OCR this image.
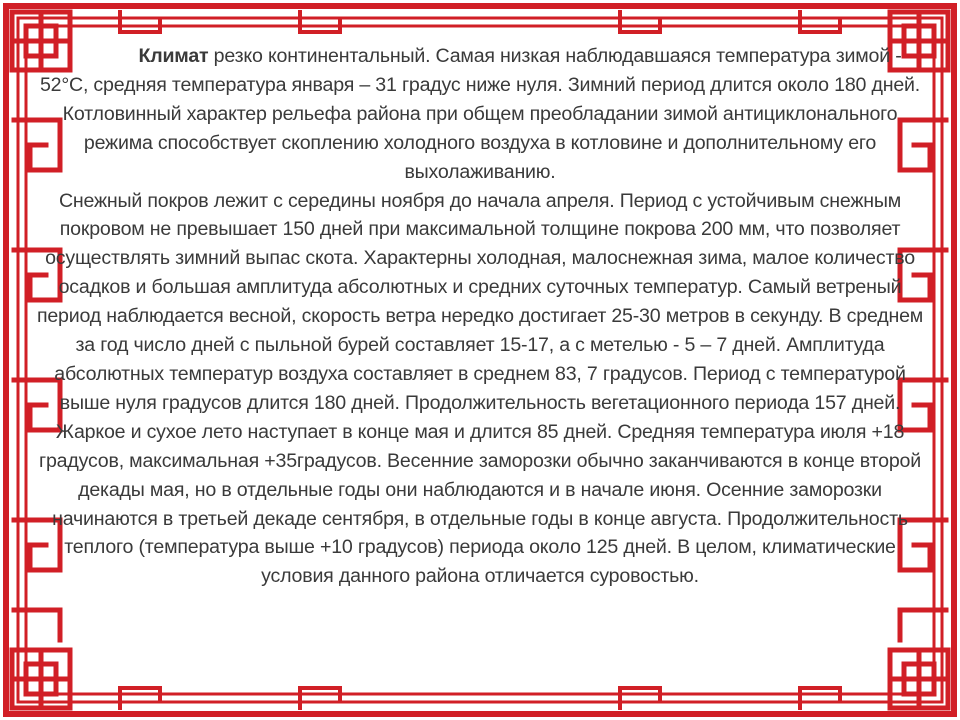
Климат резко континентальный. Самая низкая наблюдавшаяся температура зимой - 52°С, средняя температура января – 31 градус ниже нуля. Зимний период длится около 180 дней. Котловинный характер рельефа района при общем преобладании зимой антициклонального режима способствует скоплению холодного воздуха в котловине и дополнительному его выхолаживанию.

Снежный покров лежит с середины ноября до начала апреля. Период с устойчивым снежным покровом не превышает 150 дней при максимальной толщине покрова 200 мм, что позволяет осуществлять зимний выпас скота. Характерны холодная, малоснежная зима, малое количество осадков и большая амплитуда абсолютных и средних суточных температур. Самый ветреный период наблюдается весной, скорость ветра нередко достигает 25-30 метров в секунду. В среднем за год число дней с пыльной бурей составляет 15-17, а с метелью - 5 – 7 дней. Амплитуда абсолютных температур воздуха составляет в среднем 83, 7 градусов. Период с температурой выше нуля градусов длится 180 дней. Продолжительность вегетационного периода 157 дней.

Жаркое и сухое лето наступает в конце мая и длится 85 дней. Средняя температура июля +18 градусов, максимальная +35градусов. Весенние заморозки обычно заканчиваются в конце второй декады мая, но в отдельные годы они наблюдаются и в начале июня. Осенние заморозки начинаются в третьей декаде сентября, в отдельные годы в конце августа. Продолжительность теплого (температура выше +10 градусов) периода около 125 дней. В целом, климатические условия данного района отличается суровостью.
